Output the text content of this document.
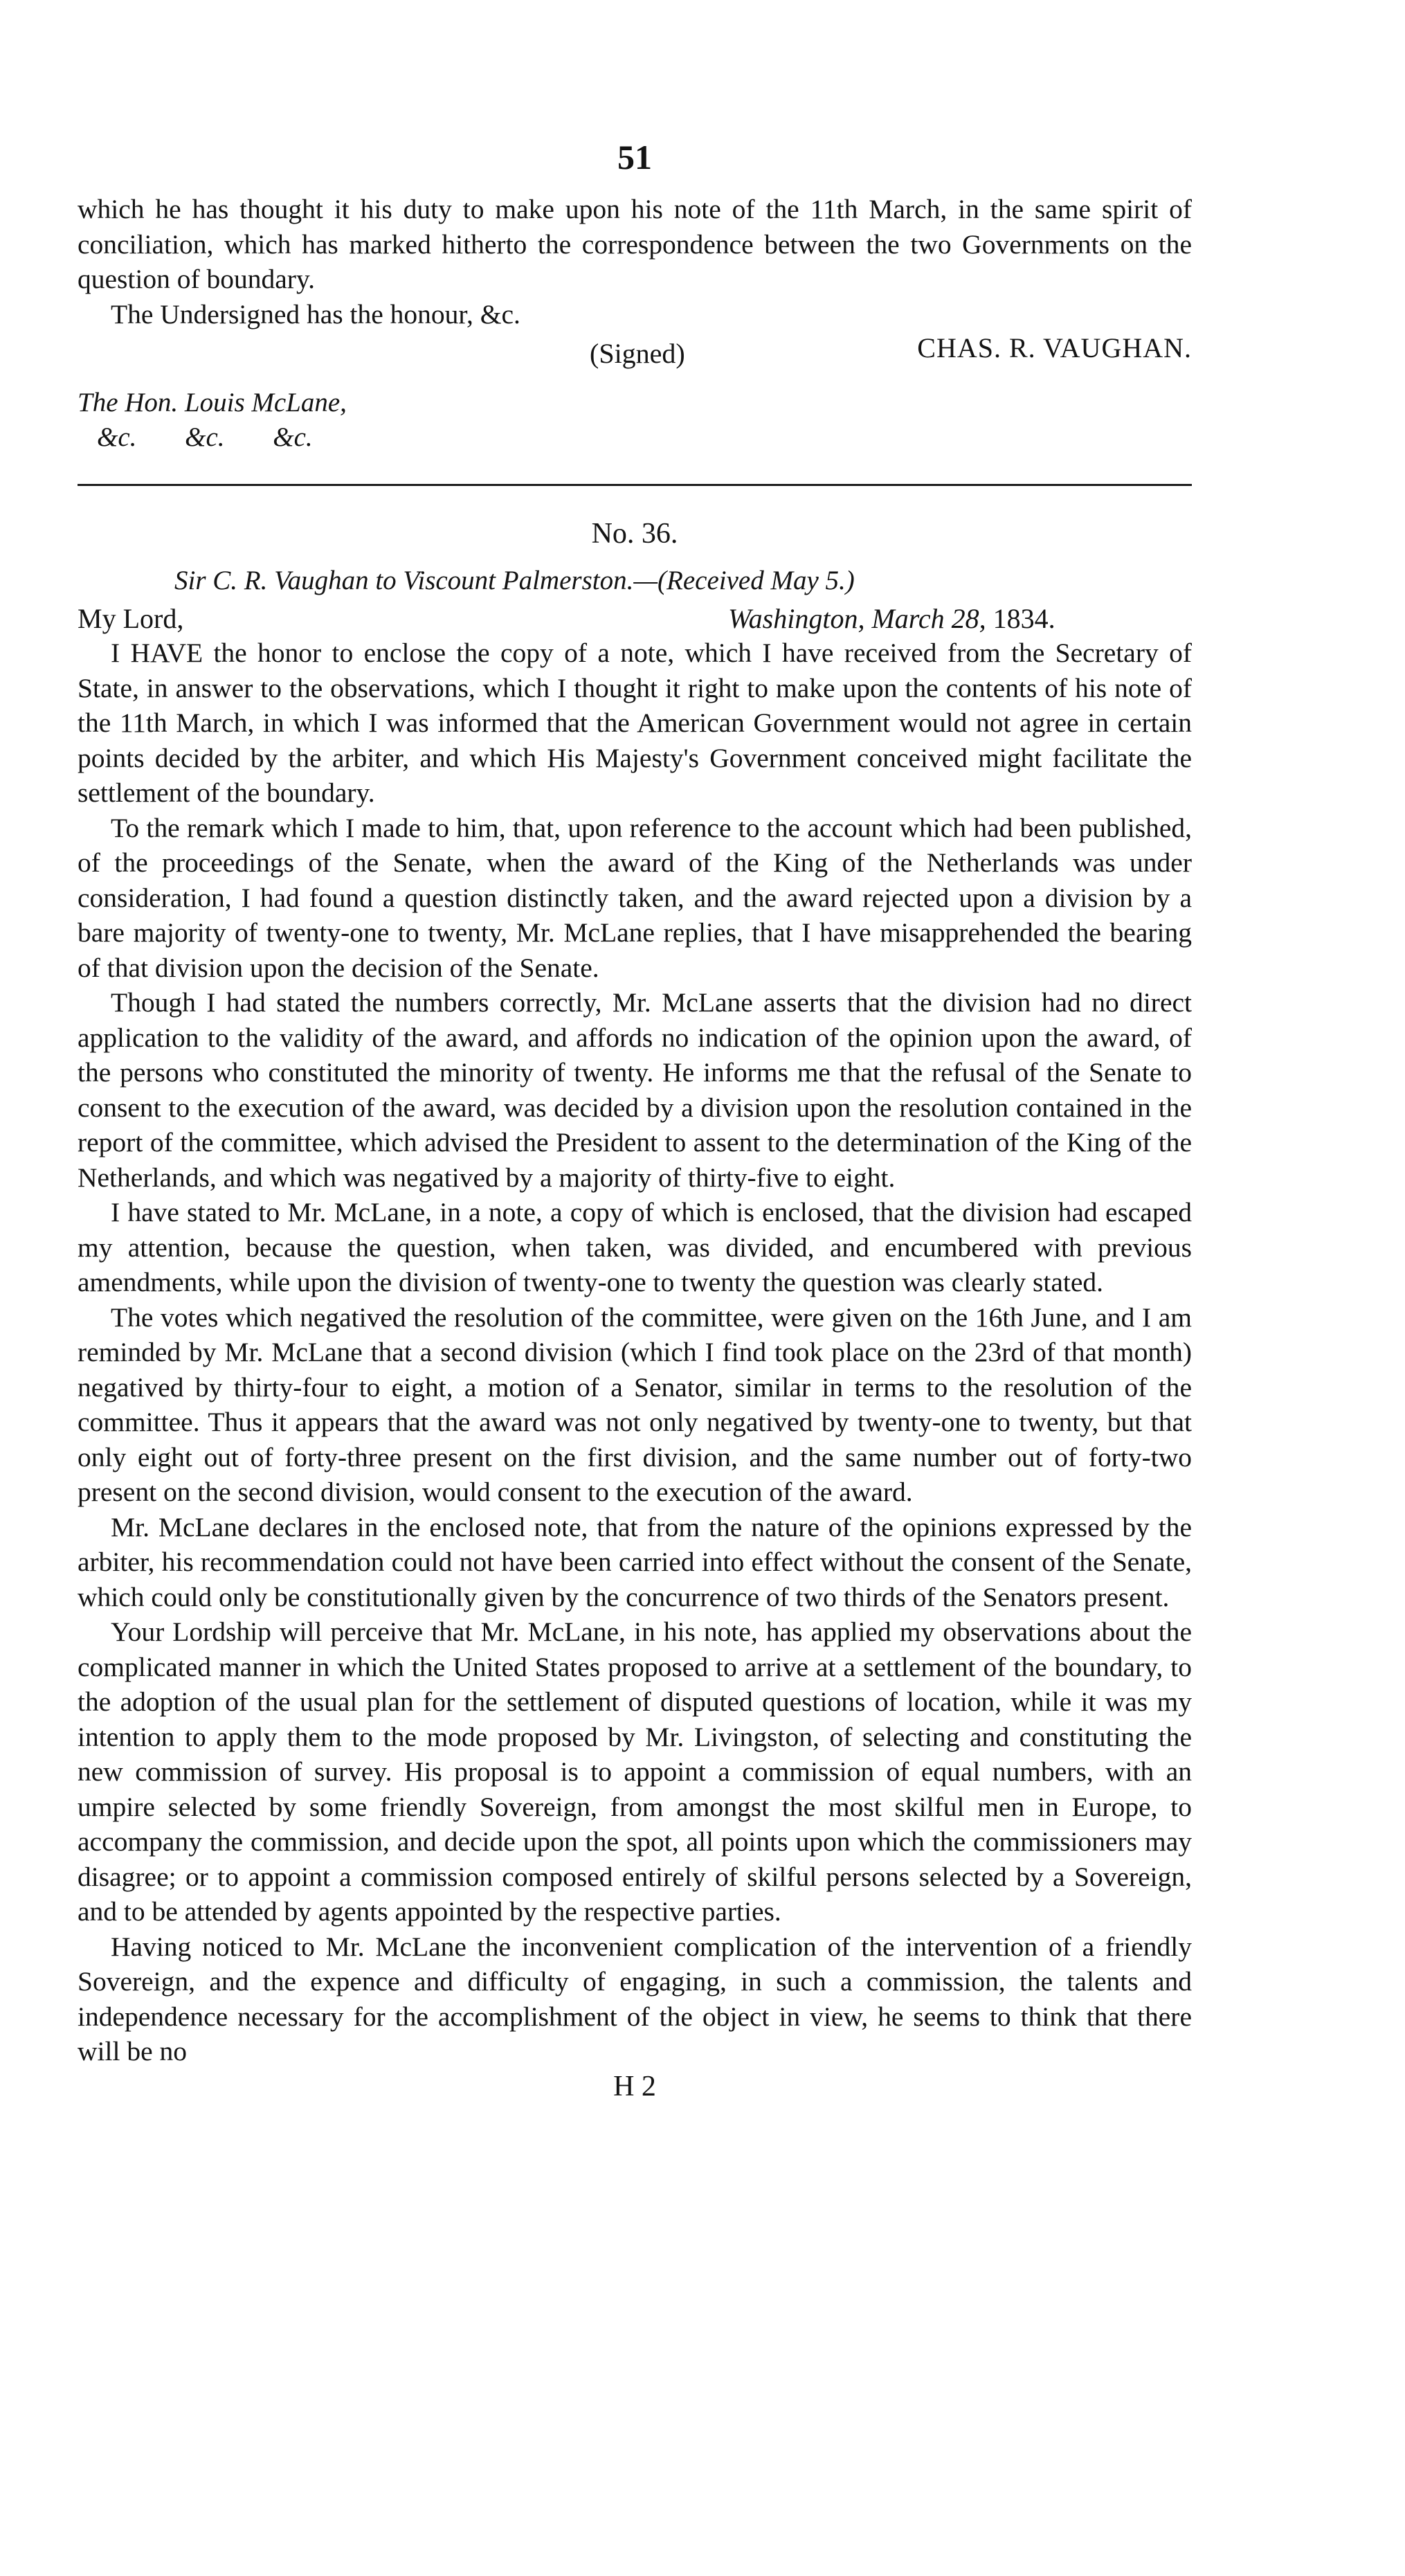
51

which he has thought it his duty to make upon his note of the 11th March, in the same spirit of conciliation, which has marked hitherto the correspondence between the two Governments on the question of boundary.

The Undersigned has the honour, &c.

(Signed)	CHAS. R. VAUGHAN.
The Hon. Louis McLane,
&c. &c. &c.
No. 36.
Sir C. R. Vaughan to Viscount Palmerston.—(Received May 5.)
My Lord,	Washington, March 28, 1834.

I HAVE the honor to enclose the copy of a note, which I have received from the Secretary of State, in answer to the observations, which I thought it right to make upon the contents of his note of the 11th March, in which I was informed that the American Government would not agree in certain points decided by the arbiter, and which His Majesty's Government conceived might facilitate the settlement of the boundary.

To the remark which I made to him, that, upon reference to the account which had been published, of the proceedings of the Senate, when the award of the King of the Netherlands was under consideration, I had found a question distinctly taken, and the award rejected upon a division by a bare majority of twenty-one to twenty, Mr. McLane replies, that I have misapprehended the bearing of that division upon the decision of the Senate.

Though I had stated the numbers correctly, Mr. McLane asserts that the division had no direct application to the validity of the award, and affords no indication of the opinion upon the award, of the persons who constituted the minority of twenty. He informs me that the refusal of the Senate to consent to the execution of the award, was decided by a division upon the resolution contained in the report of the committee, which advised the President to assent to the determination of the King of the Netherlands, and which was negatived by a majority of thirty-five to eight.

I have stated to Mr. McLane, in a note, a copy of which is enclosed, that the division had escaped my attention, because the question, when taken, was divided, and encumbered with previous amendments, while upon the division of twenty-one to twenty the question was clearly stated.

The votes which negatived the resolution of the committee, were given on the 16th June, and I am reminded by Mr. McLane that a second division (which I find took place on the 23rd of that month) negatived by thirty-four to eight, a motion of a Senator, similar in terms to the resolution of the committee. Thus it appears that the award was not only negatived by twenty-one to twenty, but that only eight out of forty-three present on the first division, and the same number out of forty-two present on the second division, would consent to the execution of the award.

Mr. McLane declares in the enclosed note, that from the nature of the opinions expressed by the arbiter, his recommendation could not have been carried into effect without the consent of the Senate, which could only be constitutionally given by the concurrence of two thirds of the Senators present.

Your Lordship will perceive that Mr. McLane, in his note, has applied my observations about the complicated manner in which the United States proposed to arrive at a settlement of the boundary, to the adoption of the usual plan for the settlement of disputed questions of location, while it was my intention to apply them to the mode proposed by Mr. Livingston, of selecting and constituting the new commission of survey. His proposal is to appoint a commission of equal numbers, with an umpire selected by some friendly Sovereign, from amongst the most skilful men in Europe, to accompany the commission, and decide upon the spot, all points upon which the commissioners may disagree; or to appoint a commission composed entirely of skilful persons selected by a Sovereign, and to be attended by agents appointed by the respective parties.

Having noticed to Mr. McLane the inconvenient complication of the intervention of a friendly Sovereign, and the expence and difficulty of engaging, in such a commission, the talents and independence necessary for the accomplishment of the object in view, he seems to think that there will be no

H 2
